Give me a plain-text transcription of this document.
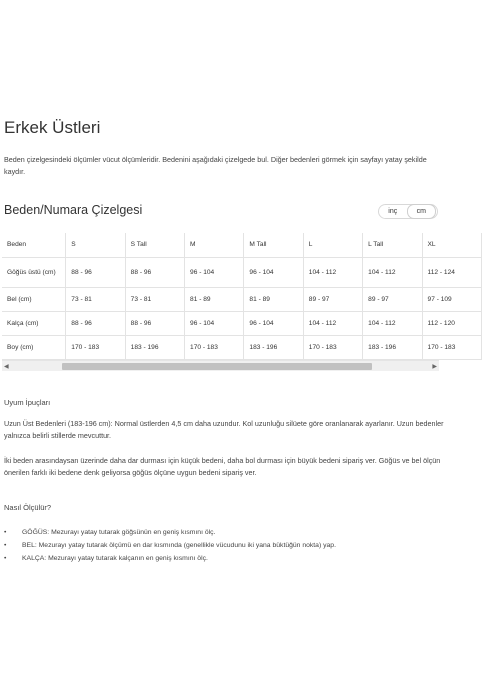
Erkek Üstleri
Beden çizelgesindeki ölçümler vücut ölçümleridir. Bedenini aşağıdaki çizelgede bul. Diğer bedenleri görmek için sayfayı yatay şekilde kaydır.
Beden/Numara Çizelgesi	inç	cm
Beden	S	S Tall	M	M Tall	L	L Tall	XL
Göğüs üstü (cm)	88 - 96	88 - 96	96 - 104	96 - 104	104 - 112	104 - 112	112 - 124
Bel (cm)	73 - 81	73 - 81	81 - 89	81 - 89	89 - 97	89 - 97	97 - 109
Kalça (cm)	88 - 96	88 - 96	96 - 104	96 - 104	104 - 112	104 - 112	112 - 120
Boy (cm)	170 - 183	183 - 196	170 - 183	183 - 196	170 - 183	183 - 196	170 - 183
◀	▶
Uyum İpuçları
Uzun Üst Bedenleri (183-196 cm): Normal üstlerden 4,5 cm daha uzundur. Kol uzunluğu silüete göre oranlanarak ayarlanır. Uzun bedenler yalnızca belirli stillerde mevcuttur.
İki beden arasındaysan üzerinde daha dar durması için küçük bedeni, daha bol durması için büyük bedeni sipariş ver. Göğüs ve bel ölçün önerilen farklı iki bedene denk geliyorsa göğüs ölçüne uygun bedeni sipariş ver.
Nasıl Ölçülür?
•	GÖĞÜS: Mezurayı yatay tutarak göğsünün en geniş kısmını ölç.
•	BEL: Mezurayı yatay tutarak ölçümü en dar kısmında (genellikle vücudunu iki yana büktüğün nokta) yap.
•	KALÇA: Mezurayı yatay tutarak kalçanın en geniş kısmını ölç.
